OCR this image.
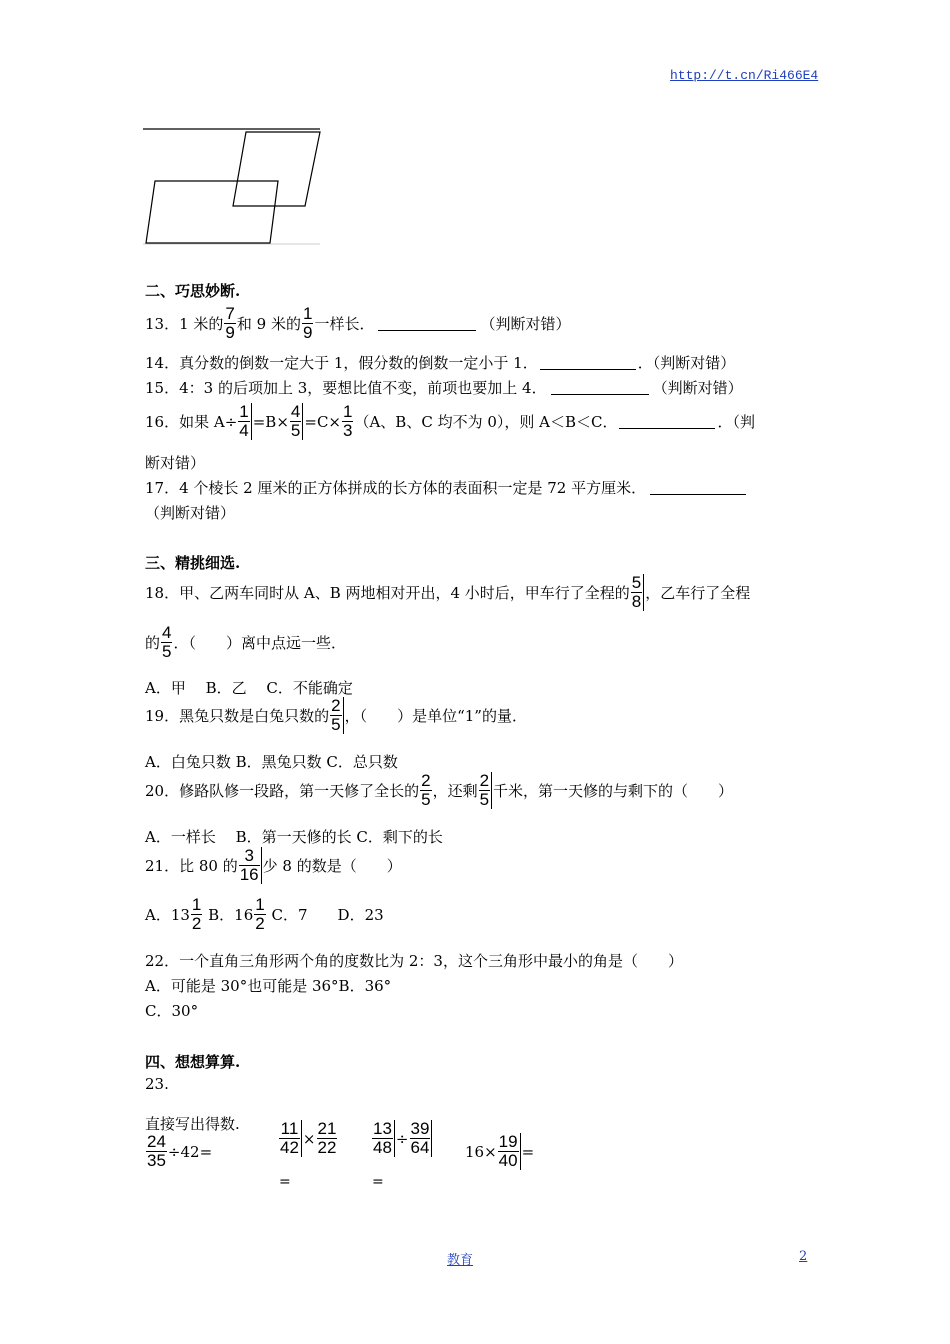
http://t.cn/Ri466E4
二、巧思妙断.
13． 1 米的 $\frac{7}{9}$ 和 9 米的 $\frac{1}{9}$ 一样长．	（判断对错）
14．真分数的倒数一定大于 1，假分数的倒数一定小于 1．	．（判断对错）
15．4：3 的后项加上 3，要想比值不变，前项也要加上 4．	（判断对错）
16．如果 $A\div \frac{1}{4} =B\times \frac{4}{5} =C\times \frac{1}{3} (A$、B、C 均不为 0），则 A＜B＜C．	．（判
断对错）
17．4 个棱长 2 厘米的正方体拼成的长方体的表面积一定是 72 平方厘米．
（判断对错）
三、精挑细选.
18．甲、乙两车同时从 A、B 两地相对开出，4 小时后，甲车行了全程的 $\frac{5}{8}$ ，乙车行了全程
的 $\frac{4}{5}$ ．（　　）离中点远一些．
A．甲　 B．乙　 C．不能确定
19．黑兔只数是白兔只数的 $\frac{2}{5}$ ，（　　）是单位“1”的量．
A．白兔只数 B．黑兔只数 C．总只数
20．修路队修一段路，第一天修了全长的 $\frac{2}{5}$ ，还剩 $\frac{2}{5}$ 千米，第一天修的与剩下的（　　）
A．一样长　 B．第一天修的长 C．剩下的长
21．比 80 的 $\frac{3}{16}$ 少 8 的数是（　　）
A．$13 \frac{1}{2}$ B．$16 \frac{1}{2}$ C．7　　D．23
22．一个直角三角形两个角的度数比为 2：3，这个三角形中最小的角是（　　）
A．可能是 30°也可能是 36°B．36°
C．30°
四、想想算算.
23.
直接写出得数.
$\frac{24}{35} \div 42=$	$\frac{11}{42} \times \frac{21}{22}$
=
$\frac{13}{48} \div \frac{39}{64}$
=
$16\times \frac{19}{40}$ =
教育	2
